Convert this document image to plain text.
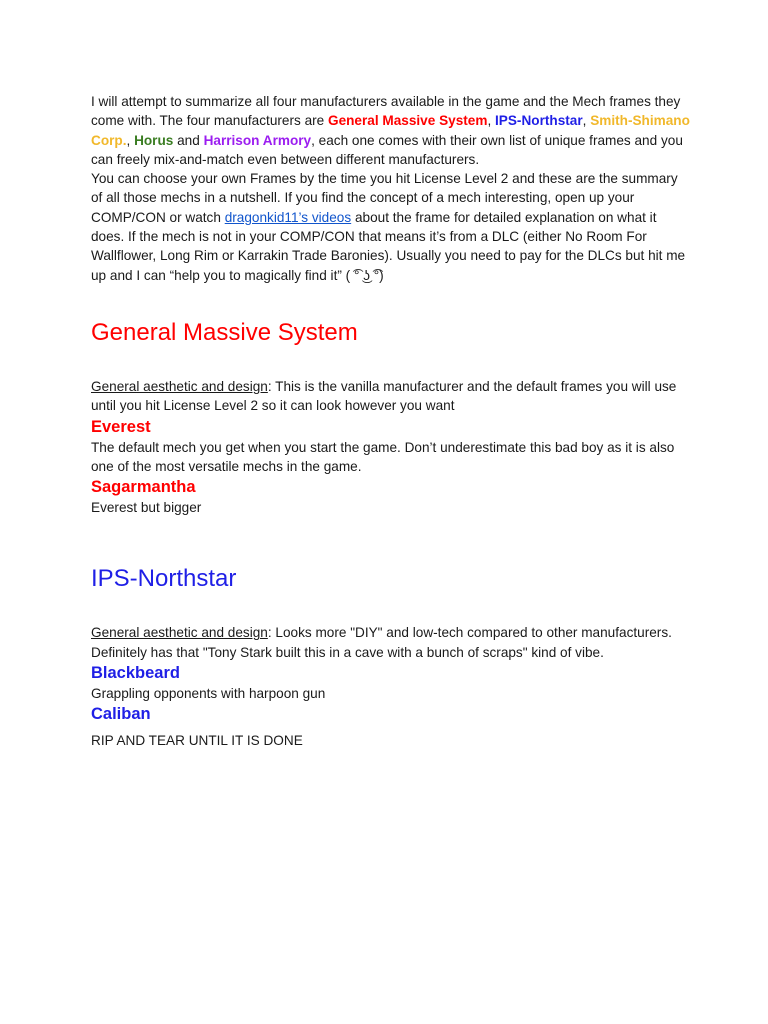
I will attempt to summarize all four manufacturers available in the game and the Mech frames they come with. The four manufacturers are General Massive System, IPS-Northstar, Smith-Shimano Corp., Horus and Harrison Armory, each one comes with their own list of unique frames and you can freely mix-and-match even between different manufacturers.

You can choose your own Frames by the time you hit License Level 2 and these are the summary of all those mechs in a nutshell. If you find the concept of a mech interesting, open up your COMP/CON or watch dragonkid11’s videos about the frame for detailed explanation on what it does. If the mech is not in your COMP/CON that means it’s from a DLC (either No Room For Wallflower, Long Rim or Karrakin Trade Baronies). Usually you need to pay for the DLCs but hit me up and I can “help you to magically find it” ( ͡° ͜ʖ ͡°)

General Massive System

General aesthetic and design: This is the vanilla manufacturer and the default frames you will use until you hit License Level 2 so it can look however you want

Everest

The default mech you get when you start the game. Don’t underestimate this bad boy as it is also one of the most versatile mechs in the game.

Sagarmantha

Everest but bigger

IPS-Northstar

General aesthetic and design: Looks more "DIY" and low-tech compared to other manufacturers. Definitely has that "Tony Stark built this in a cave with a bunch of scraps" kind of vibe.

Blackbeard

Grappling opponents with harpoon gun

Caliban

RIP AND TEAR UNTIL IT IS DONE
